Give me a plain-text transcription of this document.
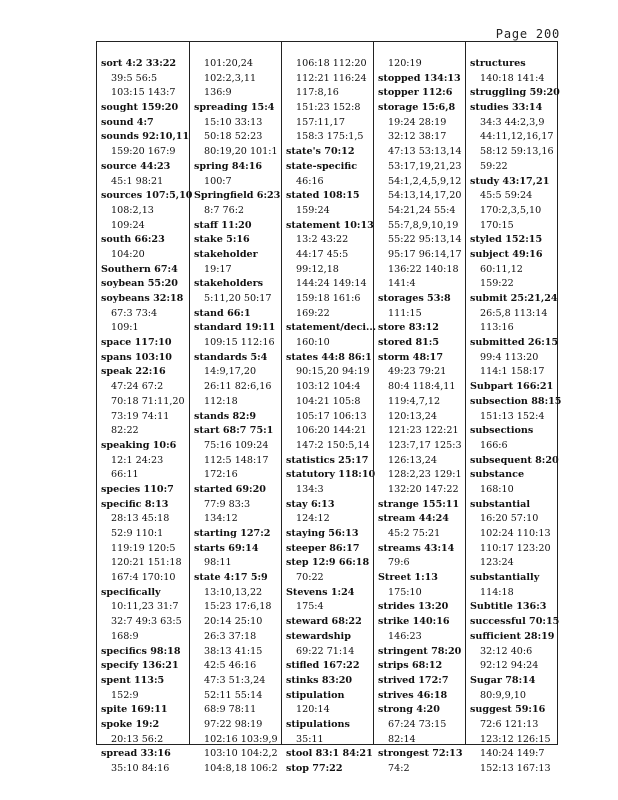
Page 200
sort 4:2 33:22
39:5 56:5
103:15 143:7
sought 159:20
sound 4:7
sounds 92:10,11
159:20 167:9
source 44:23
45:1 98:21
sources 107:5,10
108:2,13
109:24
south 66:23
104:20
Southern 67:4
soybean 55:20
soybeans 32:18
67:3 73:4
109:1
space 117:10
spans 103:10
speak 22:16
47:24 67:2
70:18 71:11,20
73:19 74:11
82:22
speaking 10:6
12:1 24:23
66:11
species 110:7
specific 8:13
28:13 45:18
52:9 110:1
119:19 120:5
120:21 151:18
167:4 170:10
specifically
10:11,23 31:7
32:7 49:3 63:5
168:9
specifics 98:18
specify 136:21
spent 113:5
152:9
spite 169:11
spoke 19:2
20:13 56:2
spread 33:16
35:10 84:16
101:20,24
102:2,3,11
136:9
spreading 15:4
15:10 33:13
50:18 52:23
80:19,20 101:1
spring 84:16
100:7
Springfield 6:23
8:7 76:2
staff 11:20
stake 5:16
stakeholder
19:17
stakeholders
5:11,20 50:17
stand 66:1
standard 19:11
109:15 112:16
standards 5:4
14:9,17,20
26:11 82:6,16
112:18
stands 82:9
start 68:7 75:1
75:16 109:24
112:5 148:17
172:16
started 69:20
77:9 83:3
134:12
starting 127:2
starts 69:14
98:11
state 4:17 5:9
13:10,13,22
15:23 17:6,18
20:14 25:10
26:3 37:18
38:13 41:15
42:5 46:16
47:3 51:3,24
52:11 55:14
68:9 78:11
97:22 98:19
102:16 103:9,9
103:10 104:2,2
104:8,18 106:2
106:18 112:20
112:21 116:24
117:8,16
151:23 152:8
157:11,17
158:3 175:1,5
state's 70:12
state-specific
46:16
stated 108:15
159:24
statement 10:13
13:2 43:22
44:17 45:5
99:12,18
144:24 149:14
159:18 161:6
169:22
statement/deci...
160:10
states 44:8 86:1
90:15,20 94:19
103:12 104:4
104:21 105:8
105:17 106:13
106:20 144:21
147:2 150:5,14
statistics 25:17
statutory 118:10
134:3
stay 6:13
124:12
staying 56:13
steeper 86:17
step 12:9 66:18
70:22
Stevens 1:24
175:4
steward 68:22
stewardship
69:22 71:14
stifled 167:22
stinks 83:20
stipulation
120:14
stipulations
35:11
stool 83:1 84:21
stop 77:22
120:19
stopped 134:13
stopper 112:6
storage 15:6,8
19:24 28:19
32:12 38:17
47:13 53:13,14
53:17,19,21,23
54:1,2,4,5,9,12
54:13,14,17,20
54:21,24 55:4
55:7,8,9,10,19
55:22 95:13,14
95:17 96:14,17
136:22 140:18
141:4
storages 53:8
111:15
store 83:12
stored 81:5
storm 48:17
49:23 79:21
80:4 118:4,11
119:4,7,12
120:13,24
121:23 122:21
123:7,17 125:3
126:13,24
128:2,23 129:1
132:20 147:22
strange 155:11
stream 44:24
45:2 75:21
streams 43:14
79:6
Street 1:13
175:10
strides 13:20
strike 140:16
146:23
stringent 78:20
strips 68:12
strived 172:7
strives 46:18
strong 4:20
67:24 73:15
82:14
strongest 72:13
74:2
structures
140:18 141:4
struggling 59:20
studies 33:14
34:3 44:2,3,9
44:11,12,16,17
58:12 59:13,16
59:22
study 43:17,21
45:5 59:24
170:2,3,5,10
170:15
styled 152:15
subject 49:16
60:11,12
159:22
submit 25:21,24
26:5,8 113:14
113:16
submitted 26:15
99:4 113:20
114:1 158:17
Subpart 166:21
subsection 88:15
151:13 152:4
subsections
166:6
subsequent 8:20
substance
168:10
substantial
16:20 57:10
102:24 110:13
110:17 123:20
123:24
substantially
114:18
Subtitle 136:3
successful 70:15
sufficient 28:19
32:12 40:6
92:12 94:24
Sugar 78:14
80:9,9,10
suggest 59:16
72:6 121:13
123:12 126:15
140:24 149:7
152:13 167:13
